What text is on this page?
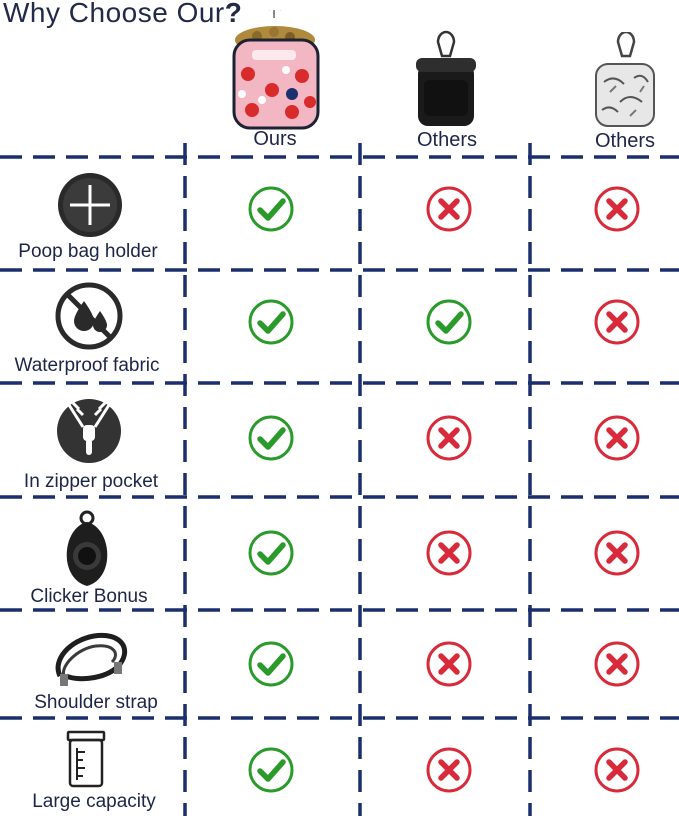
Why Choose Our?
Ours	Others	Others
Poop bag holder
Waterproof fabric
In zipper pocket
Clicker Bonus
Shoulder strap
Large capacity
